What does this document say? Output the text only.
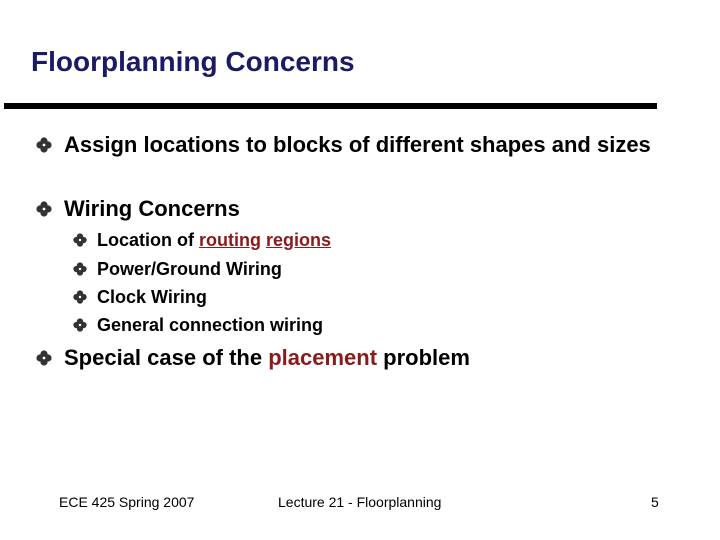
Floorplanning Concerns
Assign locations to blocks of different shapes and sizes
Wiring Concerns
Location of routing regions
Power/Ground Wiring
Clock Wiring
General connection wiring
Special case of the placement problem
ECE 425 Spring 2007	Lecture 21 - Floorplanning	5
